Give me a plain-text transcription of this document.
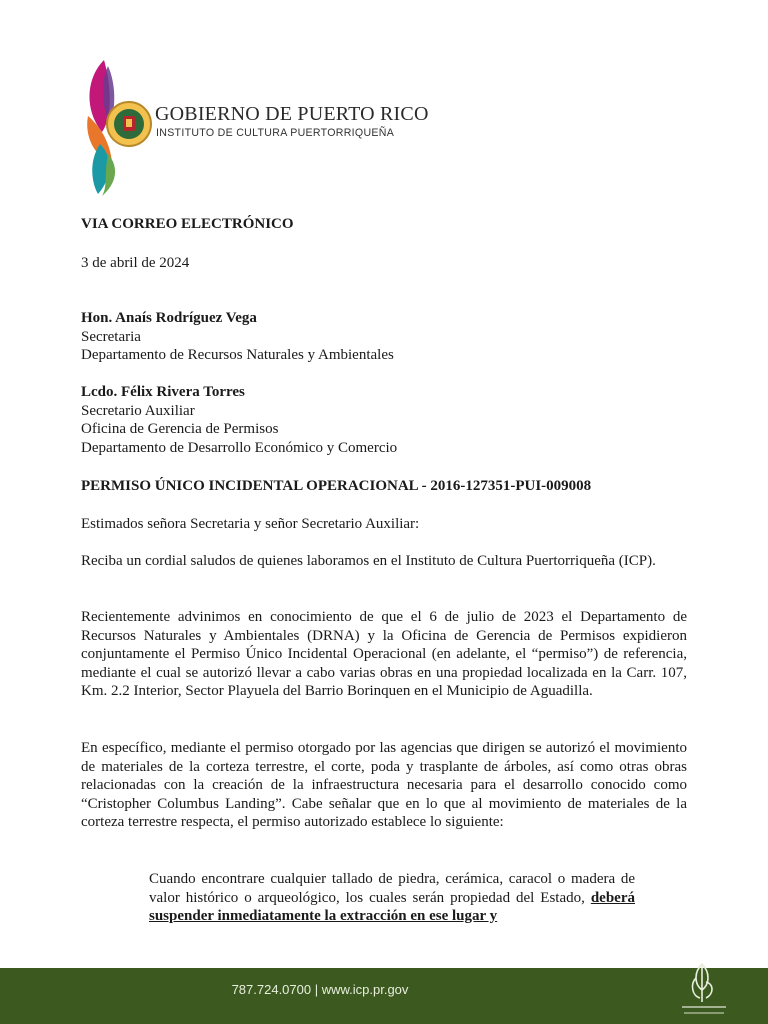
GOBIERNO DE PUERTO RICO
INSTITUTO DE CULTURA PUERTORRIQUEÑA
VIA CORREO ELECTRÓNICO
3 de abril de 2024
Hon. Anaís Rodríguez Vega
Secretaria
Departamento de Recursos Naturales y Ambientales
Lcdo. Félix Rivera Torres
Secretario Auxiliar
Oficina de Gerencia de Permisos
Departamento de Desarrollo Económico y Comercio
PERMISO ÚNICO INCIDENTAL OPERACIONAL - 2016-127351-PUI-009008
Estimados señora Secretaria y señor Secretario Auxiliar:
Reciba un cordial saludos de quienes laboramos en el Instituto de Cultura Puertorriqueña (ICP).
Recientemente advinimos en conocimiento de que el 6 de julio de 2023 el Departamento de Recursos Naturales y Ambientales (DRNA) y la Oficina de Gerencia de Permisos expidieron conjuntamente el Permiso Único Incidental Operacional (en adelante, el “permiso”) de referencia, mediante el cual se autorizó llevar a cabo varias obras en una propiedad localizada en la Carr. 107, Km. 2.2 Interior, Sector Playuela del Barrio Borinquen en el Municipio de Aguadilla.
En específico, mediante el permiso otorgado por las agencias que dirigen se autorizó el movimiento de materiales de la corteza terrestre, el corte, poda y trasplante de árboles, así como otras obras relacionadas con la creación de la infraestructura necesaria para el desarrollo conocido como “Cristopher Columbus Landing”. Cabe señalar que en lo que al movimiento de materiales de la corteza terrestre respecta, el permiso autorizado establece lo siguiente:
Cuando encontrare cualquier tallado de piedra, cerámica, caracol o madera de valor histórico o arqueológico, los cuales serán propiedad del Estado, deberá suspender inmediatamente la extracción en ese lugar y
787.724.0700 | www.icp.pr.gov
